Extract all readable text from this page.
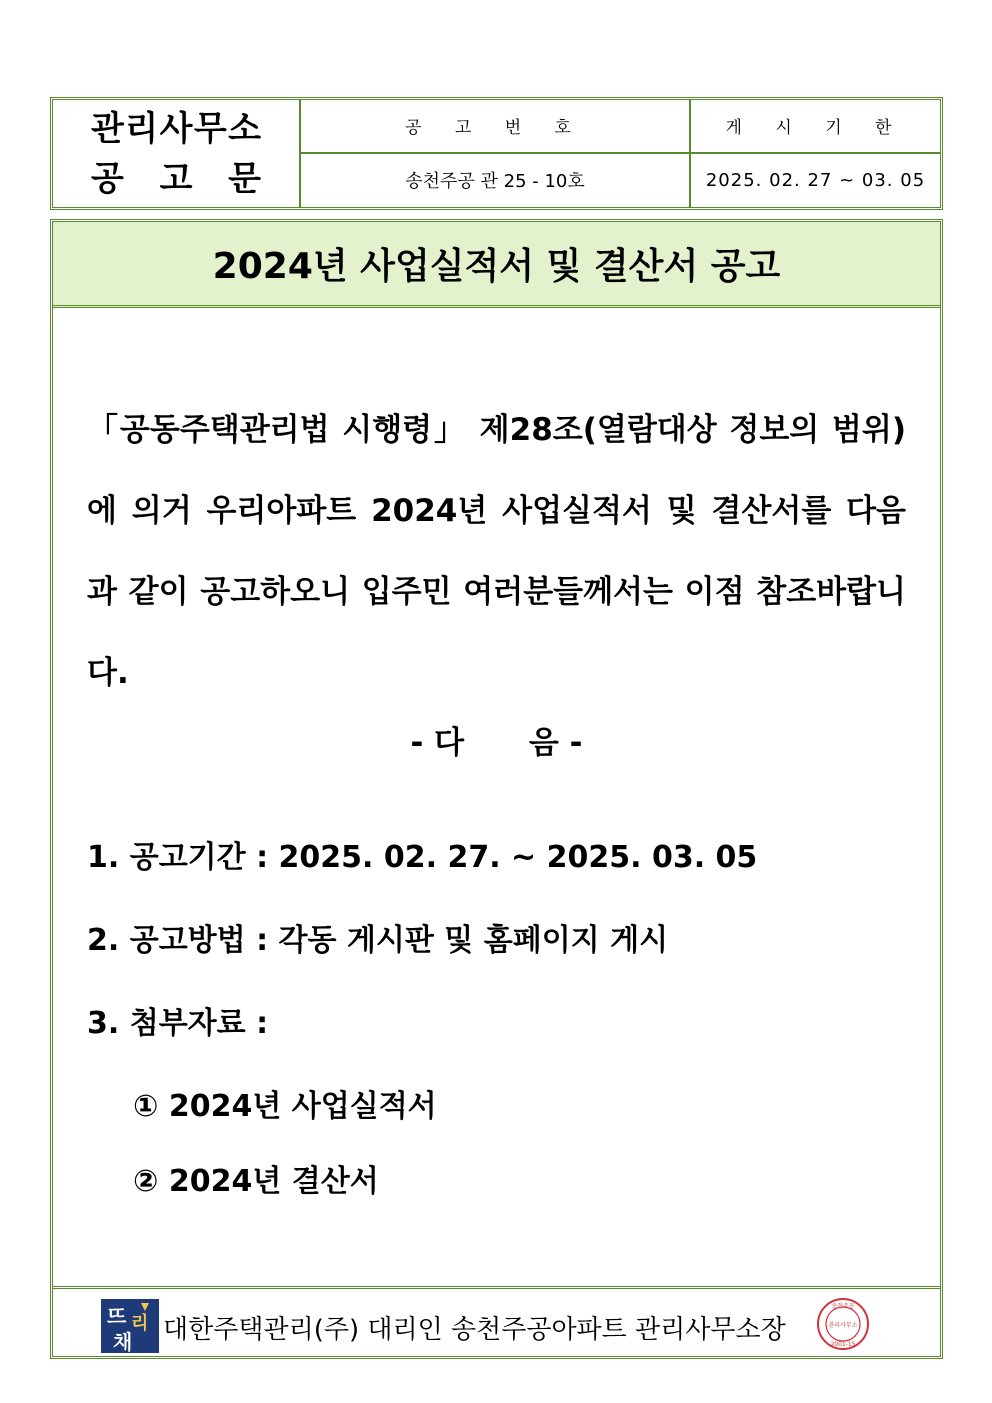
공 고 번 호
관 리 사 무 소
공 고 문
게 시 기 한
송천주공 관 25 - 10호	2025. 02. 27 ~ 03. 05
2024년 사업실적서 및 결산서 공고
「공동주택관리법 시행령」 제28조(열람대상 정보의 범위)에 의거 우리아파트 2024년 사업실적서 및 결산서를 다음과 같이 공고하오니 입주민 여러분들께서는 이점 참조바랍니다.
- 다      음 -
1. 공고기간 : 2025. 02. 27. ~ 2025. 03. 05
2. 공고방법 : 각동 게시판 및 홈페이지 게시
3. 첨부자료 :
① 2024년 사업실적서
② 2024년 결산서
뜨 리
채 대한주택관리(주) 대리인 송천주공아파트 관리사무소장
송천주공
관리사무소
2001-15
